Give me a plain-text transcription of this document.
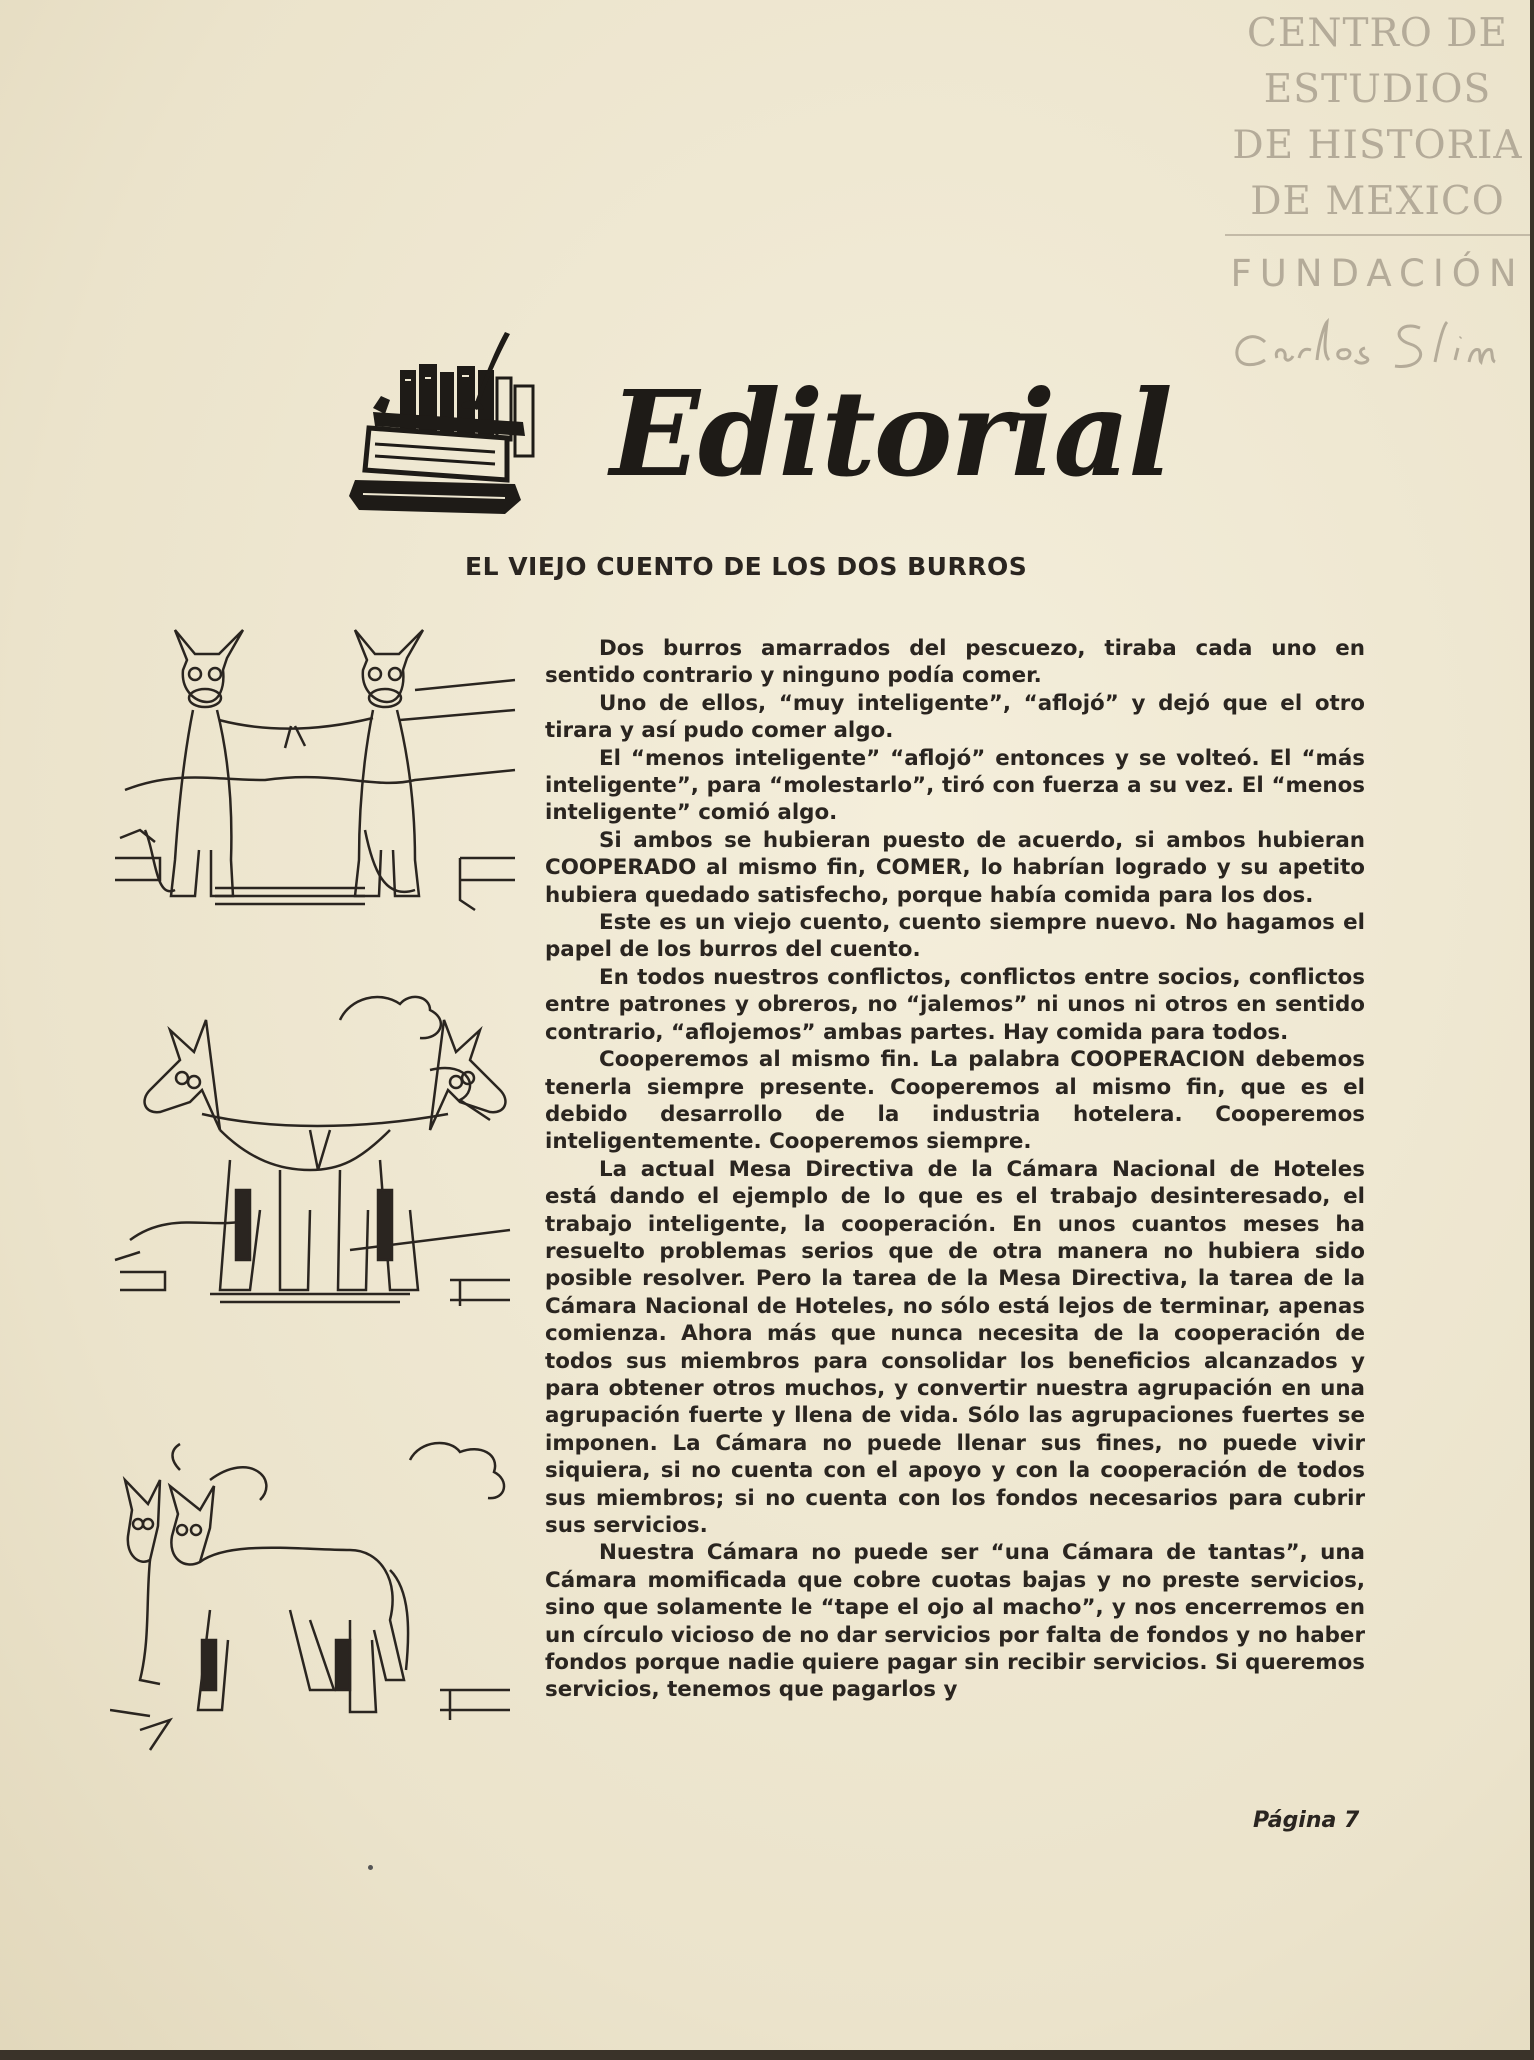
CENTRO DE
ESTUDIOS
DE HISTORIA
DE MEXICO
FUNDACIÓN
Editorial
EL VIEJO CUENTO DE LOS DOS BURROS

Dos burros amarrados del pescuezo, tiraba cada uno en sentido contrario y ninguno podía comer.

Uno de ellos, “muy inteligente”, “aflojó” y dejó que el otro tirara y así pudo comer algo.

El “menos inteligente” “aflojó” entonces y se volteó. El “más inteligente”, para “molestarlo”, tiró con fuerza a su vez. El “menos inteligente” comió algo.

Si ambos se hubieran puesto de acuerdo, si ambos hubieran COOPERADO al mismo fin, COMER, lo habrían logrado y su apetito hubiera quedado satisfecho, porque había comida para los dos.

Este es un viejo cuento, cuento siempre nuevo. No hagamos el papel de los burros del cuento.

En todos nuestros conflictos, conflictos entre socios, conflictos entre patrones y obreros, no “jalemos” ni unos ni otros en sentido contrario, “aflojemos” ambas partes. Hay comida para todos.

Cooperemos al mismo fin. La palabra COOPERACION debemos tenerla siempre presente. Cooperemos al mismo fin, que es el debido desarrollo de la industria hotelera. Cooperemos inteligentemente. Cooperemos siempre.

La actual Mesa Directiva de la Cámara Nacional de Hoteles está dando el ejemplo de lo que es el trabajo desinteresado, el trabajo inteligente, la cooperación. En unos cuantos meses ha resuelto problemas serios que de otra manera no hubiera sido posible resolver. Pero la tarea de la Mesa Directiva, la tarea de la Cámara Nacional de Hoteles, no sólo está lejos de terminar, apenas comienza. Ahora más que nunca necesita de la cooperación de todos sus miembros para consolidar los beneficios alcanzados y para obtener otros muchos, y convertir nuestra agrupación en una agrupación fuerte y llena de vida. Sólo las agrupaciones fuertes se imponen. La Cámara no puede llenar sus fines, no puede vivir siquiera, si no cuenta con el apoyo y con la cooperación de todos sus miembros; si no cuenta con los fondos necesarios para cubrir sus servicios.

Nuestra Cámara no puede ser “una Cámara de tantas”, una Cámara momificada que cobre cuotas bajas y no preste servicios, sino que solamente le “tape el ojo al macho”, y nos encerremos en un círculo vicioso de no dar servicios por falta de fondos y no haber fondos porque nadie quiere pagar sin recibir servicios. Si queremos servicios, tenemos que pagarlos y

Página 7
